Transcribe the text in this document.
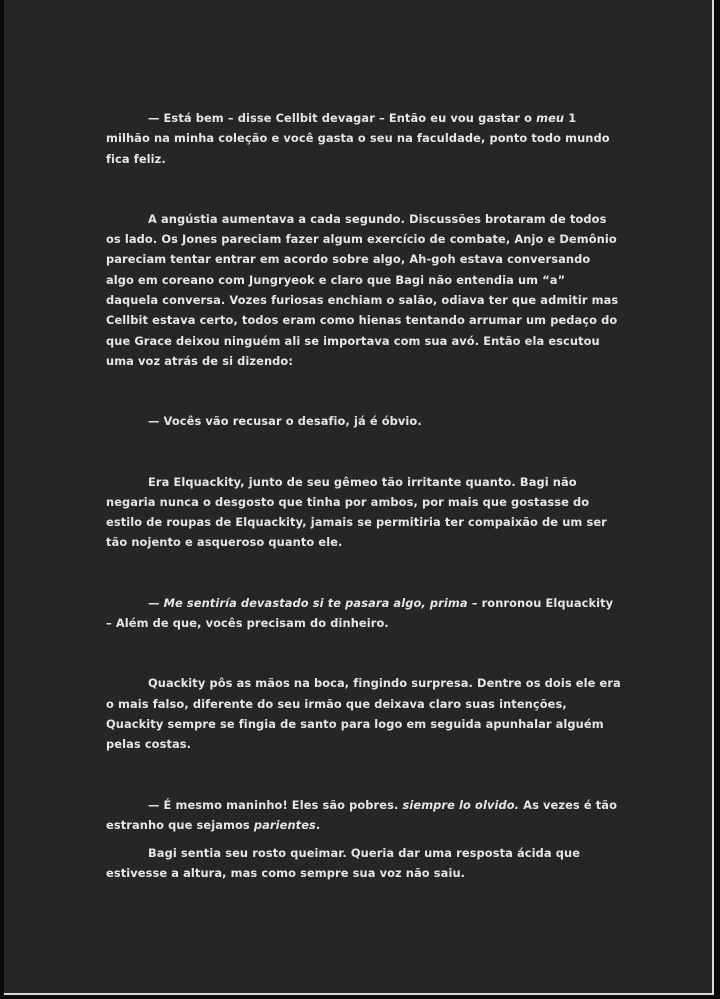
— Está bem – disse Cellbit devagar – Então eu vou gastar o meu 1 milhão na minha coleção e você gasta o seu na faculdade, ponto todo mundo fica feliz.

A angústia aumentava a cada segundo. Discussões brotaram de todos os lado. Os Jones pareciam fazer algum exercício de combate, Anjo e Demônio pareciam tentar entrar em acordo sobre algo, Ah-goh estava conversando algo em coreano com Jungryeok e claro que Bagi não entendia um “a” daquela conversa. Vozes furiosas enchiam o salão, odiava ter que admitir mas Cellbit estava certo, todos eram como hienas tentando arrumar um pedaço do que Grace deixou ninguém ali se importava com sua avó. Então ela escutou uma voz atrás de si dizendo:

— Vocês vão recusar o desafio, já é óbvio.

Era Elquackity, junto de seu gêmeo tão irritante quanto. Bagi não negaria nunca o desgosto que tinha por ambos, por mais que gostasse do estilo de roupas de Elquackity, jamais se permitiria ter compaixão de um ser tão nojento e asqueroso quanto ele.

— Me sentiría devastado si te pasara algo, prima – ronronou Elquackity – Além de que, vocês precisam do dinheiro.

Quackity pôs as mãos na boca, fingindo surpresa. Dentre os dois ele era o mais falso, diferente do seu irmão que deixava claro suas intenções, Quackity sempre se fingia de santo para logo em seguida apunhalar alguém pelas costas.

— É mesmo maninho! Eles são pobres. siempre lo olvido. As vezes é tão estranho que sejamos parientes.

Bagi sentia seu rosto queimar. Queria dar uma resposta ácida que estivesse a altura, mas como sempre sua voz não saiu.
